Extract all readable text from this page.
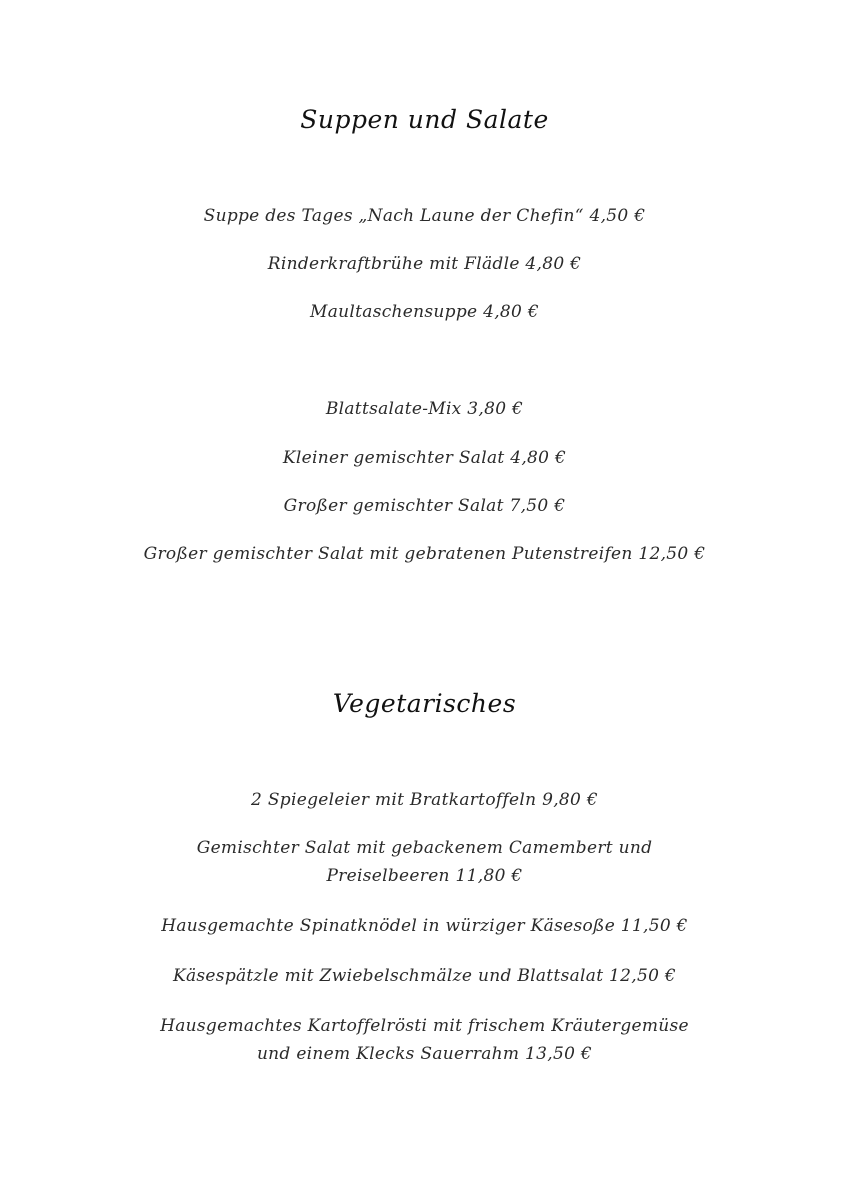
Suppen und Salate
Suppe des Tages „Nach Laune der Chefin“ 4,50 €
Rinderkraftbrühe mit Flädle 4,80 €
Maultaschensuppe 4,80 €
Blattsalate-Mix 3,80 €
Kleiner gemischter Salat 4,80 €
Großer gemischter Salat 7,50 €
Großer gemischter Salat mit gebratenen Putenstreifen 12,50 €
Vegetarisches
2 Spiegeleier mit Bratkartoffeln 9,80 €
Gemischter Salat mit gebackenem Camembert und
Preiselbeeren 11,80 €
Hausgemachte Spinatknödel in würziger Käsesoße 11,50 €
Käsespätzle mit Zwiebelschmälze und Blattsalat 12,50 €
Hausgemachtes Kartoffelrösti mit frischem Kräutergemüse
und einem Klecks Sauerrahm 13,50 €
